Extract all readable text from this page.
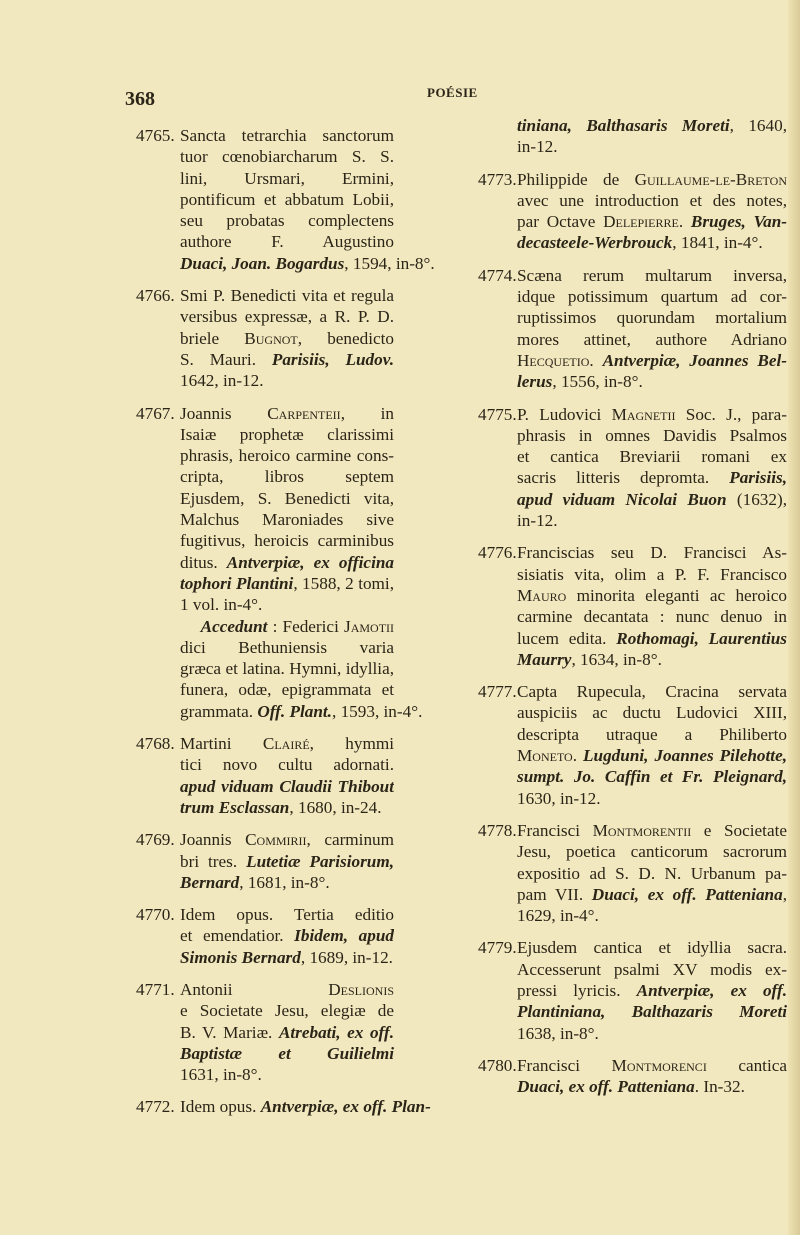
368	POÉSIE
4765. Sancta tetrarchia sanctorum
tuor cœnobiarcharum S. S.
lini, Ursmari, Ermini,
pontificum et abbatum Lobii,
seu probatas complectens
authore F. Augustino
Duaci, Joan. Bogardus, 1594, in-8°.
4766. Smi P. Benedicti vita et regula
versibus expressæ, a R. P. D.
briele Bugnot, benedicto
S. Mauri. Parisiis, Ludov.
1642, in-12.
4767. Joannis Carpenteii, in
Isaiæ prophetæ clarissimi
phrasis, heroico carmine cons-
cripta, libros septem
Ejusdem, S. Benedicti vita,
Malchus Maroniades sive
fugitivus, heroicis carminibus
ditus. Antverpiæ, ex officina
tophori Plantini, 1588, 2 tomi,
1 vol. in-4°.
Accedunt : Federici Jamotii
dici Bethuniensis varia
græca et latina. Hymni, idyllia,
funera, odæ, epigrammata et
grammata. Off. Plant., 1593, in-4°.
4768. Martini Clairé, hymmi
tici novo cultu adornati.
apud viduam Claudii Thibout
trum Esclassan, 1680, in-24.
4769. Joannis Commirii, carminum
bri tres. Lutetiæ Parisiorum,
Bernard, 1681, in-8°.
4770. Idem opus. Tertia editio
et emendatior. Ibidem, apud
Simonis Bernard, 1689, in-12.
4771. Antonii Deslionis
e Societate Jesu, elegiæ de
B. V. Mariæ. Atrebati, ex off.
Baptistæ et Guilielmi
1631, in-8°.
4772. Idem opus. Antverpiæ, ex off. Plan-
tiniana, Balthasaris Moreti, 1640,
in-12.
4773. Philippide de Guillaume-le-Breton
avec une introduction et des notes,
par Octave Delepierre. Bruges, Van-
decasteele-Werbrouck, 1841, in-4°.
4774. Scæna rerum multarum inversa,
idque potissimum quartum ad cor-
ruptissimos quorundam mortalium
mores attinet, authore Adriano
Hecquetio. Antverpiæ, Joannes Bel-
lerus, 1556, in-8°.
4775. P. Ludovici Magnetii Soc. J., para-
phrasis in omnes Davidis Psalmos
et cantica Breviarii romani ex
sacris litteris depromta. Parisiis,
apud viduam Nicolai Buon (1632),
in-12.
4776. Franciscias seu D. Francisci As-
sisiatis vita, olim a P. F. Francisco
Mauro minorita eleganti ac heroico
carmine decantata : nunc denuo in
lucem edita. Rothomagi, Laurentius
Maurry, 1634, in-8°.
4777. Capta Rupecula, Cracina servata
auspiciis ac ductu Ludovici XIII,
descripta utraque a Philiberto
Moneto. Lugduni, Joannes Pilehotte,
sumpt. Jo. Caffin et Fr. Pleignard,
1630, in-12.
4778. Francisci Montmorentii e Societate
Jesu, poetica canticorum sacrorum
expositio ad S. D. N. Urbanum pa-
pam VII. Duaci, ex off. Patteniana,
1629, in-4°.
4779. Ejusdem cantica et idyllia sacra.
Accesserunt psalmi XV modis ex-
pressi lyricis. Antverpiæ, ex off.
Plantiniana, Balthazaris Moreti
1638, in-8°.
4780. Francisci Montmorenci cantica
Duaci, ex off. Patteniana. In-32.
